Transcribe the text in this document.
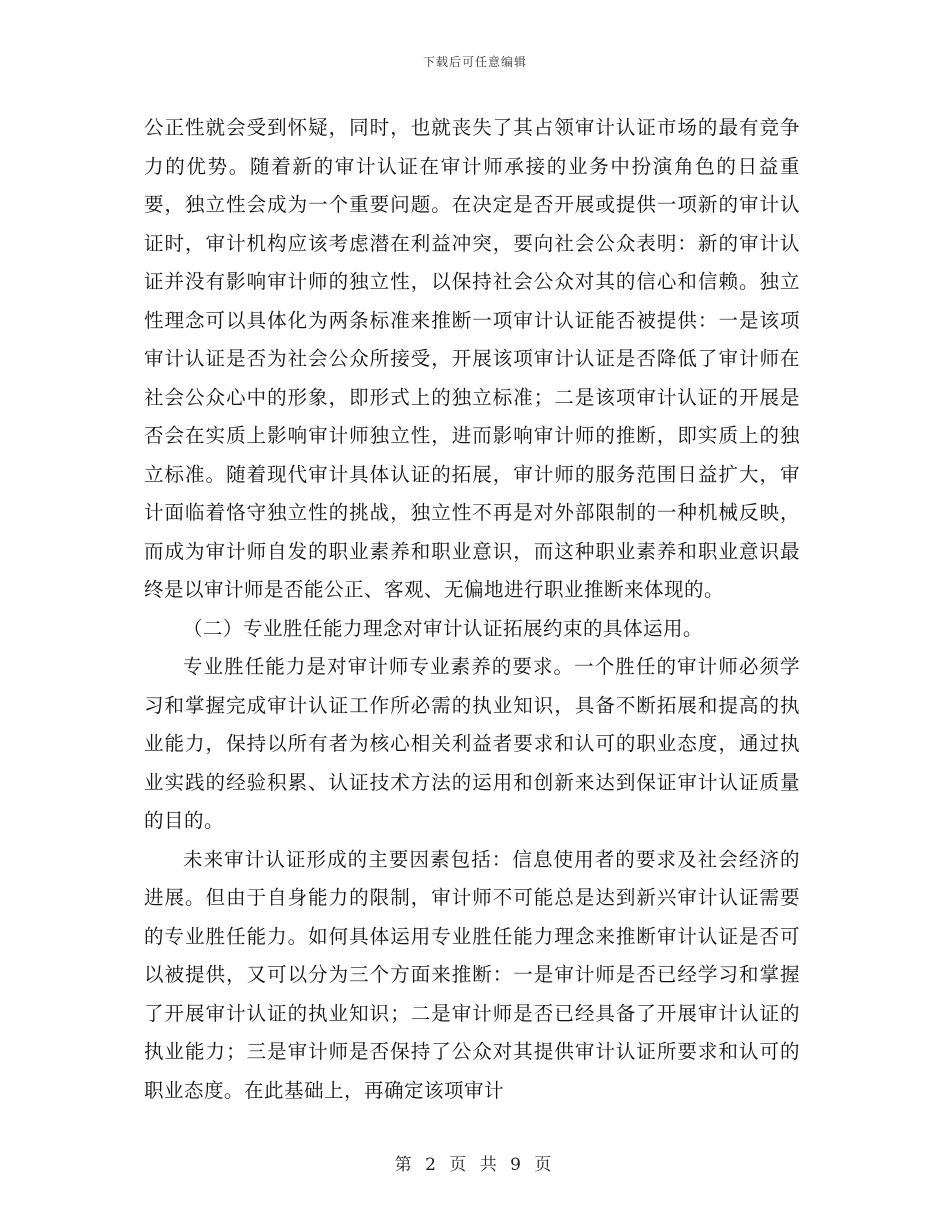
下载后可任意编辑

公正性就会受到怀疑，同时，也就丧失了其占领审计认证市场的最有竞争力的优势。随着新的审计认证在审计师承接的业务中扮演角色的日益重要，独立性会成为一个重要问题。在决定是否开展或提供一项新的审计认证时，审计机构应该考虑潜在利益冲突，要向社会公众表明：新的审计认证并没有影响审计师的独立性，以保持社会公众对其的信心和信赖。独立性理念可以具体化为两条标准来推断一项审计认证能否被提供：一是该项审计认证是否为社会公众所接受，开展该项审计认证是否降低了审计师在社会公众心中的形象，即形式上的独立标准；二是该项审计认证的开展是否会在实质上影响审计师独立性，进而影响审计师的推断，即实质上的独立标准。随着现代审计具体认证的拓展，审计师的服务范围日益扩大，审计面临着恪守独立性的挑战，独立性不再是对外部限制的一种机械反映，而成为审计师自发的职业素养和职业意识，而这种职业素养和职业意识最终是以审计师是否能公正、客观、无偏地进行职业推断来体现的。

（二）专业胜任能力理念对审计认证拓展约束的具体运用。

专业胜任能力是对审计师专业素养的要求。一个胜任的审计师必须学习和掌握完成审计认证工作所必需的执业知识，具备不断拓展和提高的执业能力，保持以所有者为核心相关利益者要求和认可的职业态度，通过执业实践的经验积累、认证技术方法的运用和创新来达到保证审计认证质量的目的。

未来审计认证形成的主要因素包括：信息使用者的要求及社会经济的进展。但由于自身能力的限制，审计师不可能总是达到新兴审计认证需要的专业胜任能力。如何具体运用专业胜任能力理念来推断审计认证是否可以被提供，又可以分为三个方面来推断：一是审计师是否已经学习和掌握了开展审计认证的执业知识；二是审计师是否已经具备了开展审计认证的执业能力；三是审计师是否保持了公众对其提供审计认证所要求和认可的职业态度。在此基础上，再确定该项审计

第 2 页 共 9 页
